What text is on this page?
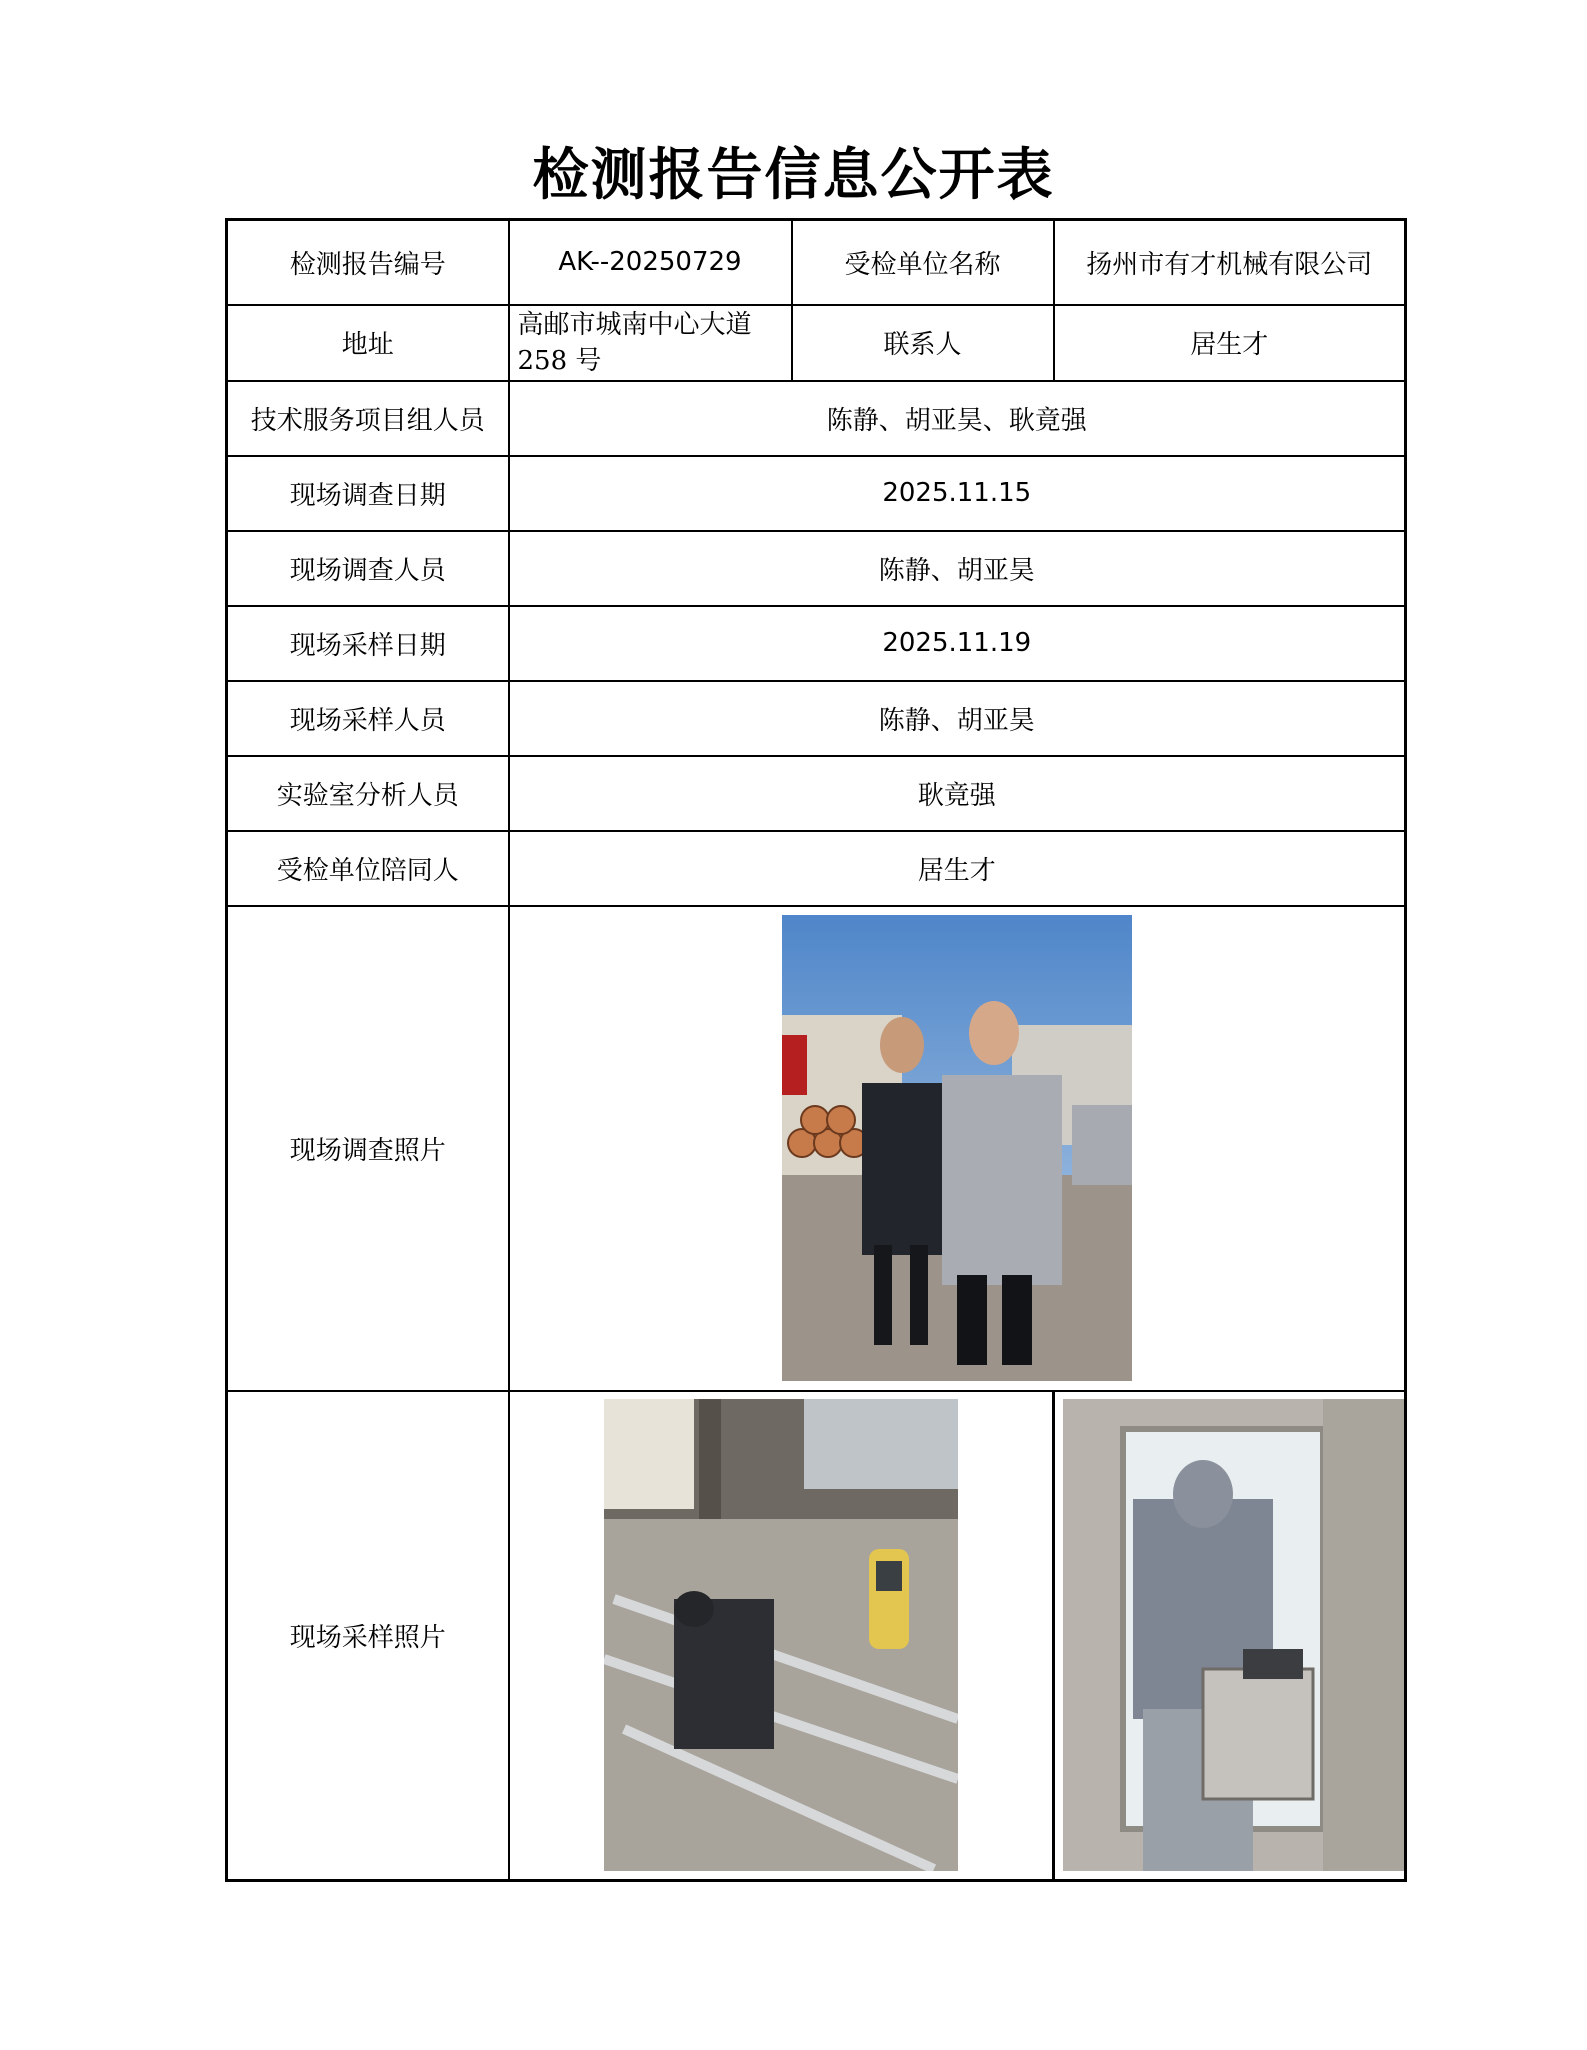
检测报告信息公开表
检测报告编号	AK--20250729	受检单位名称	扬州市有才机械有限公司
地址	高邮市城南中心大道 258 号	联系人	居生才
技术服务项目组人员	陈静、胡亚昊、耿竟强		
现场调查日期	2025.11.15		
现场调查人员	陈静、胡亚昊		
现场采样日期	2025.11.19		
现场采样人员	陈静、胡亚昊		
实验室分析人员	耿竟强		
受检单位陪同人	居生才		
现场调查照片	

现场采样照片	
